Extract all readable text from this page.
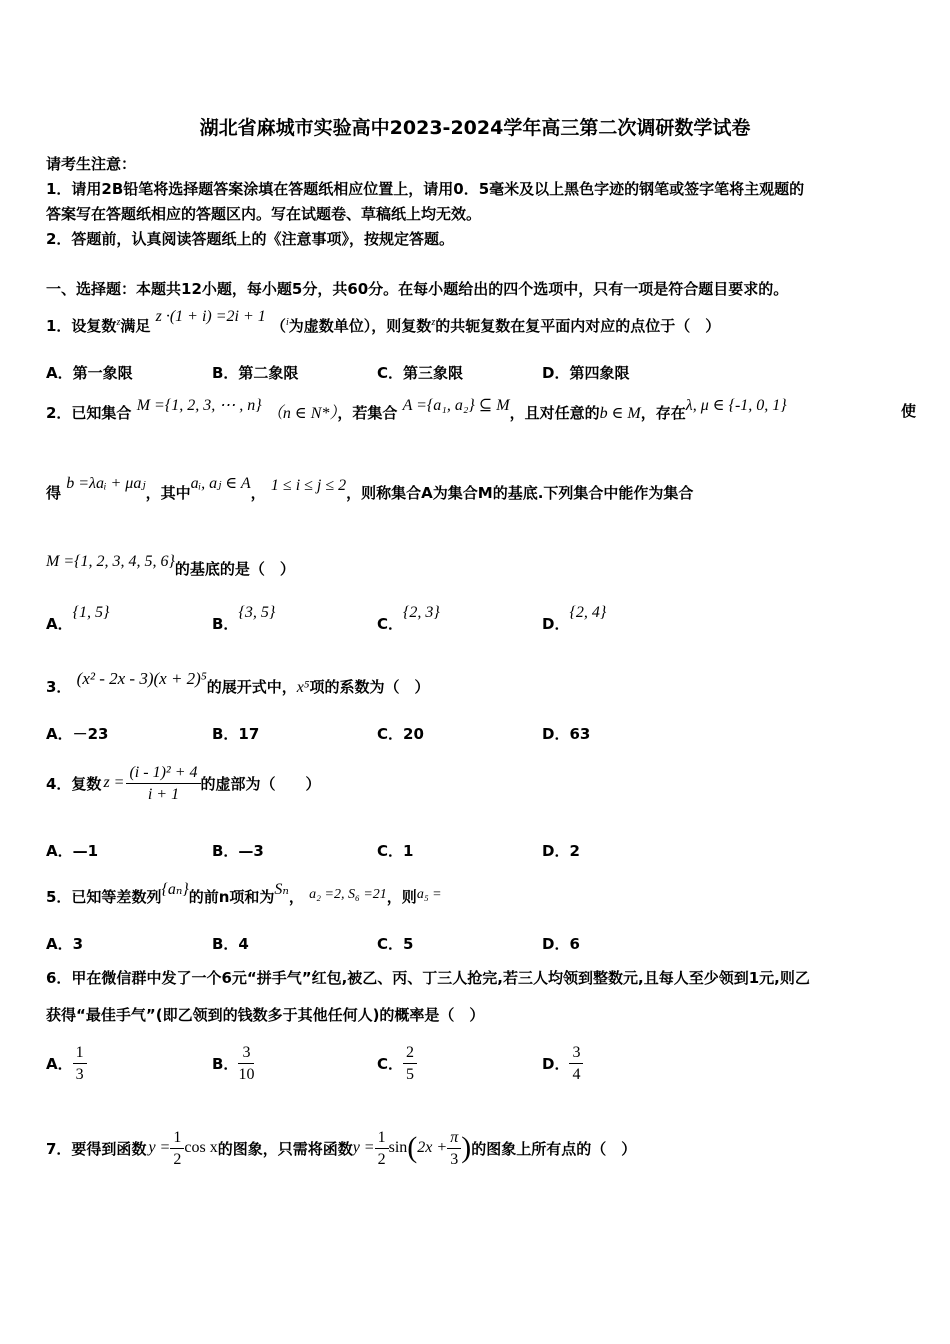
湖北省麻城市实验高中2023-2024学年高三第二次调研数学试卷
请考生注意：
1．请用2B铅笔将选择题答案涂填在答题纸相应位置上，请用0．5毫米及以上黑色字迹的钢笔或签字笔将主观题的
答案写在答题纸相应的答题区内。写在试题卷、草稿纸上均无效。
2．答题前，认真阅读答题纸上的《注意事项》，按规定答题。
一、选择题：本题共12小题，每小题5分，共60分。在每小题给出的四个选项中，只有一项是符合题目要求的。
1．设复数$^z$满足 z ·(1 + i) =2i + 1 （$^i$为虚数单位），则复数$^z$的共轭复数在复平面内对应的点位于（　）
A．第一象限	B．第二象限	C．第三象限	D．第四象限
2．已知集合 M ={1, 2, 3, ⋯ , n} （n ∈ N*），若集合 A ={a₁, a₂} ⊆ M，且对任意的b ∈ M，存在λ, μ ∈ {-1, 0, 1}	使
得 b =λaᵢ + μaⱼ，其中aᵢ, aⱼ ∈ A， 1 ≤ i ≤ j ≤ 2，则称集合A为集合M的基底.下列集合中能作为集合
M ={1, 2, 3, 4, 5, 6}的基底的是（　）
A．{1, 5}
B．{3, 5}
C．{2, 3}
D．{2, 4}
3． (x² - 2x - 3)(x + 2)⁵的展开式中，x⁵项的系数为（　）
A．－23	B．17	C．20	D．63
4．复数 $z = \frac{\text{(i - 1)² + 4}}{i + 1}$ 的虚部为（　　）
A．—1	B．—3	C．1	D．2
5．已知等差数列{aₙ}的前n项和为Sₙ， a₂ =2, S₆ =21，则a₅ =
A．3	B．4	C．5	D．6
6．甲在微信群中发了一个6元“拼手气”红包,被乙、丙、丁三人抢完,若三人均领到整数元,且每人至少领到1元,则乙
获得“最佳手气”(即乙领到的钱数多于其他任何人)的概率是（　）
A． $\frac{1}{3}$	B． $\frac{3}{10}$	C． $\frac{2}{5}$	D． $\frac{3}{4}$
7．要得到函数 $y = \frac{1}{2}$ cos x 的图象，只需将函数 $y = \frac{1}{2}$ sin ( $2x + \frac{\pi}{3}$ ) 的图象上所有点的（　）
